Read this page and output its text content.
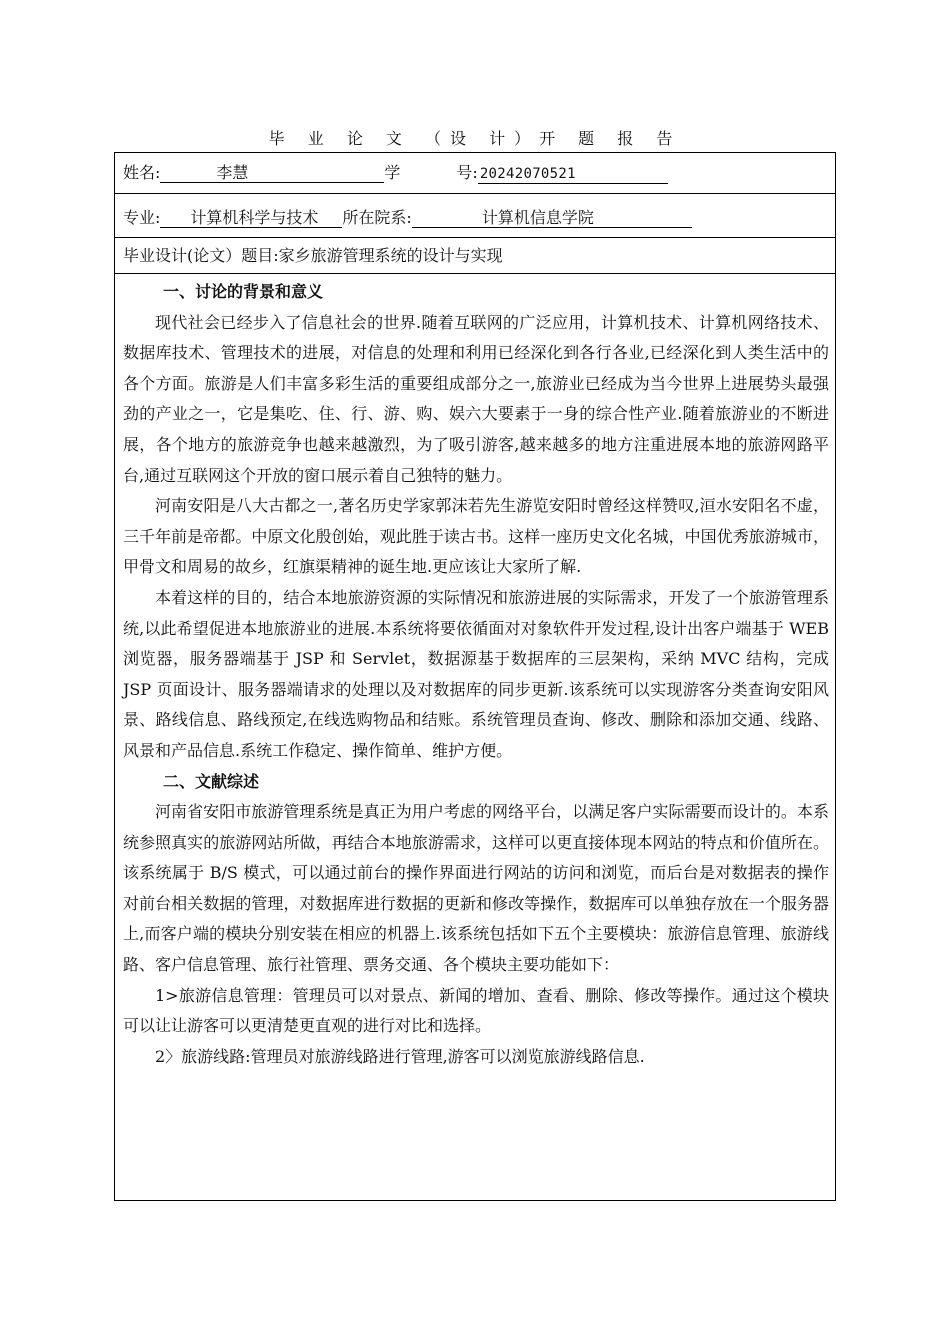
毕 业 论 文 （设 计）开 题 报 告
姓名:	李慧	学	号: 20242070521
专业: 计算机科学与技术 所在院系:	计算机信息学院
毕业设计(论文）题目:家乡旅游管理系统的设计与实现
一、讨论的背景和意义

现代社会已经步入了信息社会的世界.随着互联网的广泛应用，计算机技术、计算机网络技术、数据库技术、管理技术的进展，对信息的处理和利用已经深化到各行各业,已经深化到人类生活中的各个方面。旅游是人们丰富多彩生活的重要组成部分之一,旅游业已经成为当今世界上进展势头最强劲的产业之一，它是集吃、住、行、游、购、娱六大要素于一身的综合性产业.随着旅游业的不断进展，各个地方的旅游竞争也越来越激烈，为了吸引游客,越来越多的地方注重进展本地的旅游网路平台,通过互联网这个开放的窗口展示着自己独特的魅力。

河南安阳是八大古都之一,著名历史学家郭沫若先生游览安阳时曾经这样赞叹,洹水安阳名不虚，三千年前是帝都。中原文化殷创始，观此胜于读古书。这样一座历史文化名城，中国优秀旅游城市，甲骨文和周易的故乡，红旗渠精神的诞生地.更应该让大家所了解.

本着这样的目的，结合本地旅游资源的实际情况和旅游进展的实际需求，开发了一个旅游管理系统,以此希望促进本地旅游业的进展.本系统将要依循面对对象软件开发过程,设计出客户端基于 WEB 浏览器，服务器端基于 JSP 和 Servlet，数据源基于数据库的三层架构，采纳 MVC 结构，完成 JSP 页面设计、服务器端请求的处理以及对数据库的同步更新.该系统可以实现游客分类查询安阳风景、路线信息、路线预定,在线选购物品和结账。系统管理员查询、修改、删除和添加交通、线路、风景和产品信息.系统工作稳定、操作简单、维护方便。

二、文献综述

河南省安阳市旅游管理系统是真正为用户考虑的网络平台，以满足客户实际需要而设计的。本系统参照真实的旅游网站所做，再结合本地旅游需求，这样可以更直接体现本网站的特点和价值所在。该系统属于 B/S 模式，可以通过前台的操作界面进行网站的访问和浏览，而后台是对数据表的操作对前台相关数据的管理，对数据库进行数据的更新和修改等操作，数据库可以单独存放在一个服务器上,而客户端的模块分别安装在相应的机器上.该系统包括如下五个主要模块：旅游信息管理、旅游线路、客户信息管理、旅行社管理、票务交通、各个模块主要功能如下：

1>旅游信息管理：管理员可以对景点、新闻的增加、查看、删除、修改等操作。通过这个模块可以让让游客可以更清楚更直观的进行对比和选择。

2〉旅游线路:管理员对旅游线路进行管理,游客可以浏览旅游线路信息.
